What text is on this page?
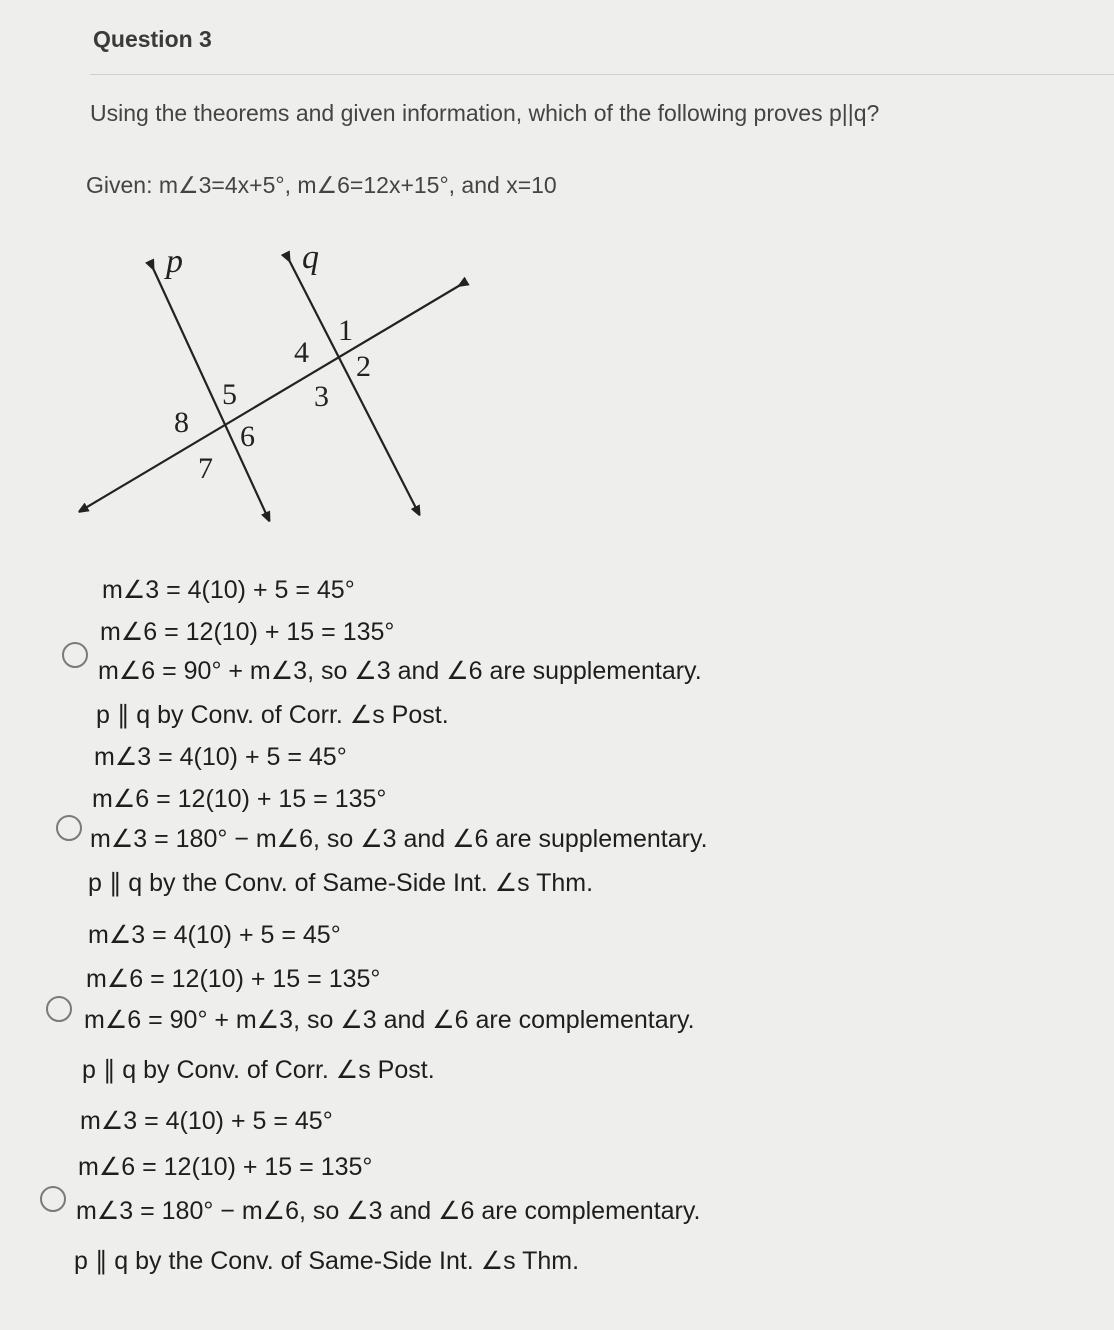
Question 3
Using the theorems and given information, which of the following proves p||q?
Given: m∠3=4x+5°, m∠6=12x+15°, and x=10
p	q
1
2
3
4
5
6
7
8
m∠3 = 4(10) + 5 = 45°
m∠6 = 12(10) + 15 = 135°
m∠6 = 90° + m∠3, so ∠3 and ∠6 are supplementary.
p ∥ q by Conv. of Corr. ∠s Post.
m∠3 = 4(10) + 5 = 45°
m∠6 = 12(10) + 15 = 135°
m∠3 = 180° − m∠6, so ∠3 and ∠6 are supplementary.
p ∥ q by the Conv. of Same-Side Int. ∠s Thm.
m∠3 = 4(10) + 5 = 45°
m∠6 = 12(10) + 15 = 135°
m∠6 = 90° + m∠3, so ∠3 and ∠6 are complementary.
p ∥ q by Conv. of Corr. ∠s Post.
m∠3 = 4(10) + 5 = 45°
m∠6 = 12(10) + 15 = 135°
m∠3 = 180° − m∠6, so ∠3 and ∠6 are complementary.
p ∥ q by the Conv. of Same-Side Int. ∠s Thm.
